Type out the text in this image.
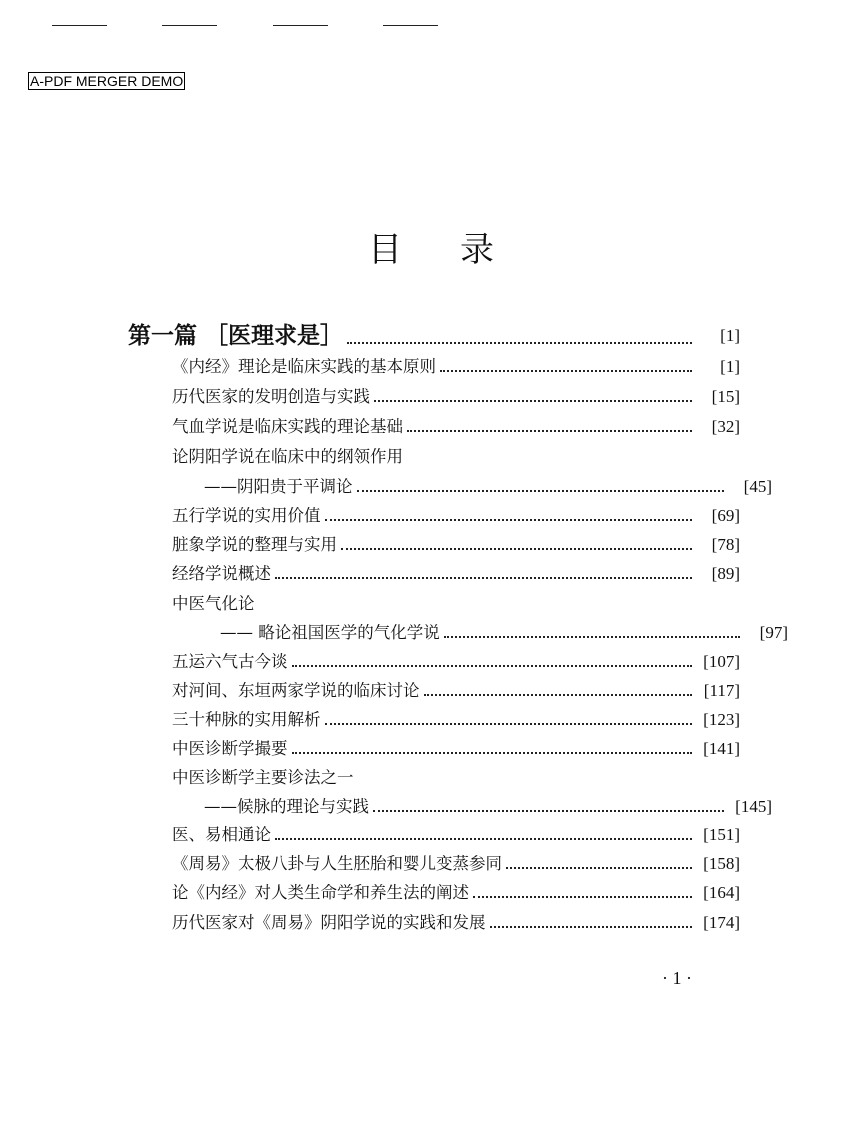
A-PDF MERGER DEMO
目录
第一篇 ［医理求是］	[1]
《内经》理论是临床实践的基本原则	[1]
历代医家的发明创造与实践	[15]
气血学说是临床实践的理论基础	[32]
论阴阳学说在临床中的纲领作用
——阴阳贵于平调论	[45]
五行学说的实用价值	[69]
脏象学说的整理与实用	[78]
经络学说概述	[89]
中医气化论
—— 略论祖国医学的气化学说	[97]
五运六气古今谈	[107]
对河间、东垣两家学说的临床讨论	[117]
三十种脉的实用解析	[123]
中医诊断学撮要	[141]
中医诊断学主要诊法之一
——候脉的理论与实践	[145]
医、易相通论	[151]
《周易》太极八卦与人生胚胎和婴儿变蒸参同	[158]
论《内经》对人类生命学和养生法的阐述	[164]
历代医家对《周易》阴阳学说的实践和发展	[174]
· 1 ·
